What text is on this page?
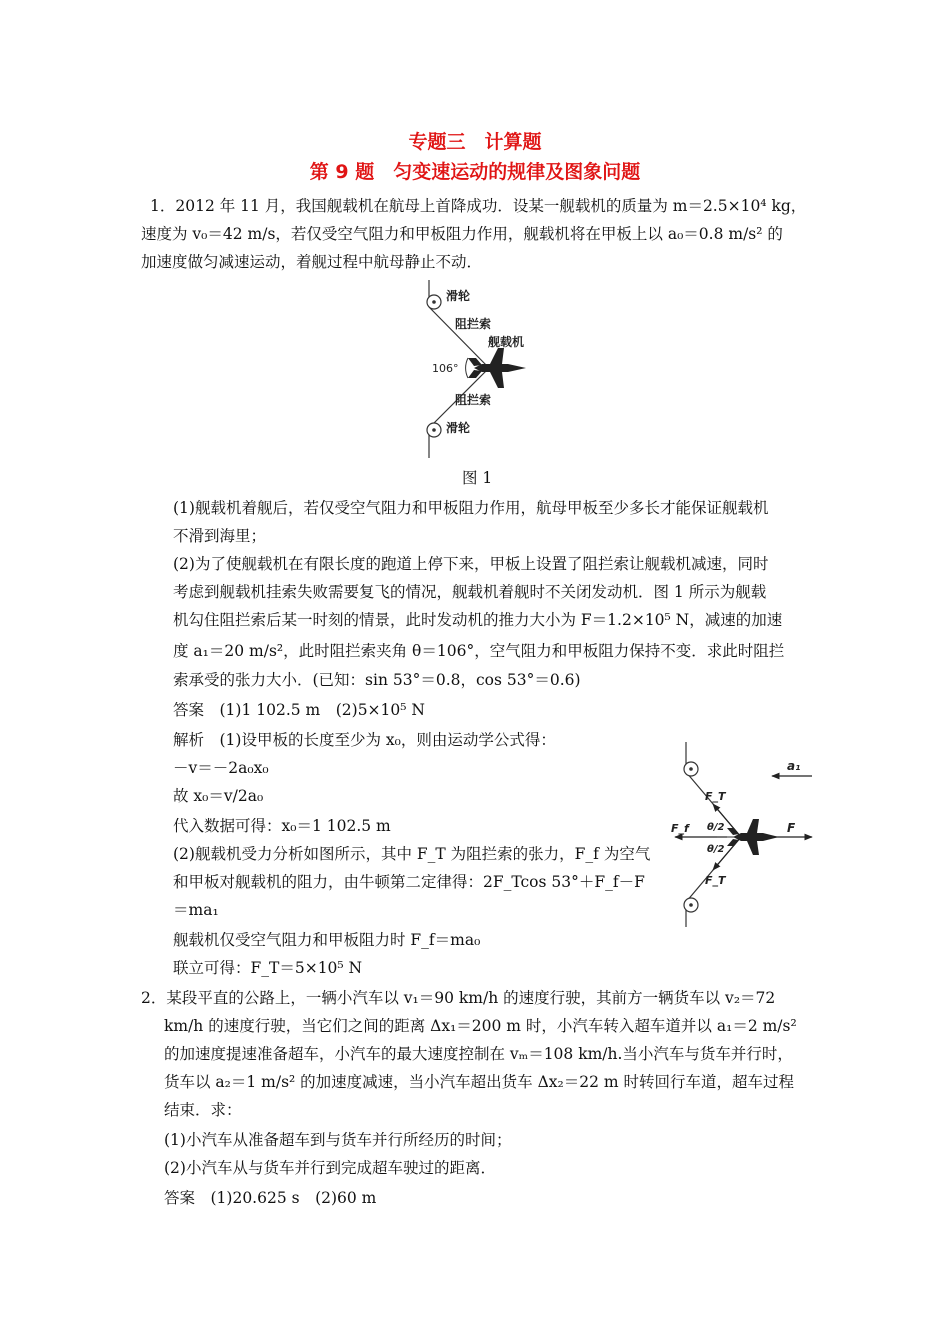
专题三　计算题
第 9 题　匀变速运动的规律及图象问题
1．2012 年 11 月，我国舰载机在航母上首降成功．设某一舰载机的质量为 m＝2.5×10⁴ kg，
速度为 v₀＝42 m/s，若仅受空气阻力和甲板阻力作用，舰载机将在甲板上以 a₀＝0.8 m/s² 的
加速度做匀减速运动，着舰过程中航母静止不动．
滑轮
阻拦索
舰载机
106°
阻拦索
滑轮
图 1
(1)舰载机着舰后，若仅受空气阻力和甲板阻力作用，航母甲板至少多长才能保证舰载机
不滑到海里；
(2)为了使舰载机在有限长度的跑道上停下来，甲板上设置了阻拦索让舰载机减速，同时
考虑到舰载机挂索失败需要复飞的情况，舰载机着舰时不关闭发动机．图 1 所示为舰载
机勾住阻拦索后某一时刻的情景，此时发动机的推力大小为 F＝1.2×10⁵ N，减速的加速
度 a₁＝20 m/s²，此时阻拦索夹角 θ＝106°，空气阻力和甲板阻力保持不变．求此时阻拦
索承受的张力大小．(已知：sin 53°＝0.8，cos 53°＝0.6)
答案　(1)1 102.5 m　(2)5×10⁵ N
解析　(1)设甲板的长度至少为 x₀，则由运动学公式得：
－v＝－2a₀x₀
故 x₀＝v/2a₀
代入数据可得：x₀＝1 102.5 m
(2)舰载机受力分析如图所示，其中 F_T 为阻拦索的张力，F_f 为空气
和甲板对舰载机的阻力，由牛顿第二定律得：2F_Tcos 53°＋F_f－F
＝ma₁
舰载机仅受空气阻力和甲板阻力时 F_f＝ma₀
联立可得：F_T＝5×10⁵ N
a₁
F_T
F_f	F
θ/2
θ/2
F_T
2．某段平直的公路上，一辆小汽车以 v₁＝90 km/h 的速度行驶，其前方一辆货车以 v₂＝72
km/h 的速度行驶，当它们之间的距离 Δx₁＝200 m 时，小汽车转入超车道并以 a₁＝2 m/s²
的加速度提速准备超车，小汽车的最大速度控制在 vₘ＝108 km/h.当小汽车与货车并行时，
货车以 a₂＝1 m/s² 的加速度减速，当小汽车超出货车 Δx₂＝22 m 时转回行车道，超车过程
结束．求：
(1)小汽车从准备超车到与货车并行所经历的时间；
(2)小汽车从与货车并行到完成超车驶过的距离．
答案　(1)20.625 s　(2)60 m
